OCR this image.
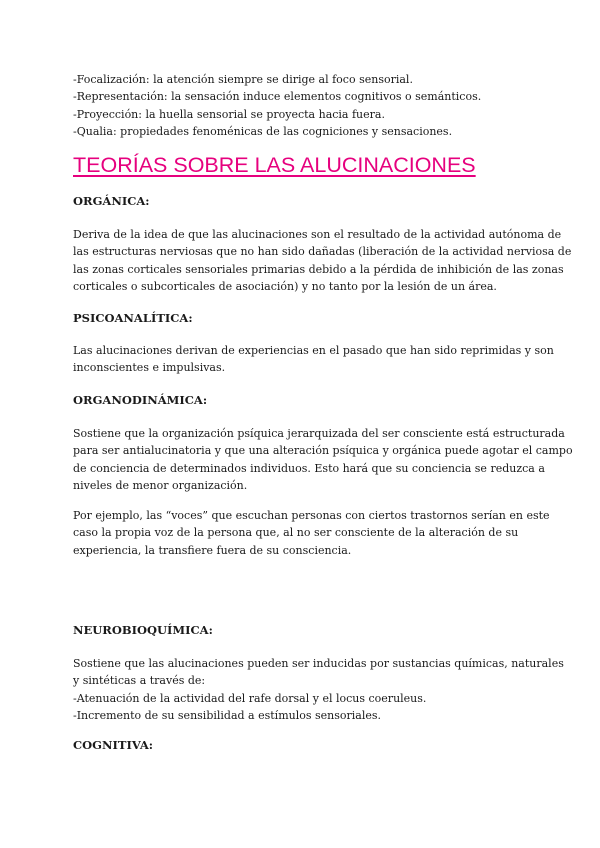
-Focalización: la atención siempre se dirige al foco sensorial.
-Representación: la sensación induce elementos cognitivos o semánticos.
-Proyección: la huella sensorial se proyecta hacia fuera.
-Qualia: propiedades fenoménicas de las cogniciones y sensaciones.
TEORÍAS SOBRE LAS ALUCINACIONES
ORGÁNICA:
Deriva de la idea de que las alucinaciones son el resultado de la actividad autónoma de
las estructuras nerviosas que no han sido dañadas (liberación de la actividad nerviosa de
las zonas corticales sensoriales primarias debido a la pérdida de inhibición de las zonas
corticales o subcorticales de asociación) y no tanto por la lesión de un área.
PSICOANALÍTICA:
Las alucinaciones derivan de experiencias en el pasado que han sido reprimidas y son
inconscientes e impulsivas.
ORGANODINÁMICA:
Sostiene que la organización psíquica jerarquizada del ser consciente está estructurada
para ser antialucinatoria y que una alteración psíquica y orgánica puede agotar el campo
de conciencia de determinados individuos. Esto hará que su conciencia se reduzca a
niveles de menor organización.
Por ejemplo, las “voces” que escuchan personas con ciertos trastornos serían en este
caso la propia voz de la persona que, al no ser consciente de la alteración de su
experiencia, la transfiere fuera de su consciencia.
NEUROBIOQUÍMICA:
Sostiene que las alucinaciones pueden ser inducidas por sustancias químicas, naturales
y sintéticas a través de:
-Atenuación de la actividad del rafe dorsal y el locus coeruleus.
-Incremento de su sensibilidad a estímulos sensoriales.
COGNITIVA:
